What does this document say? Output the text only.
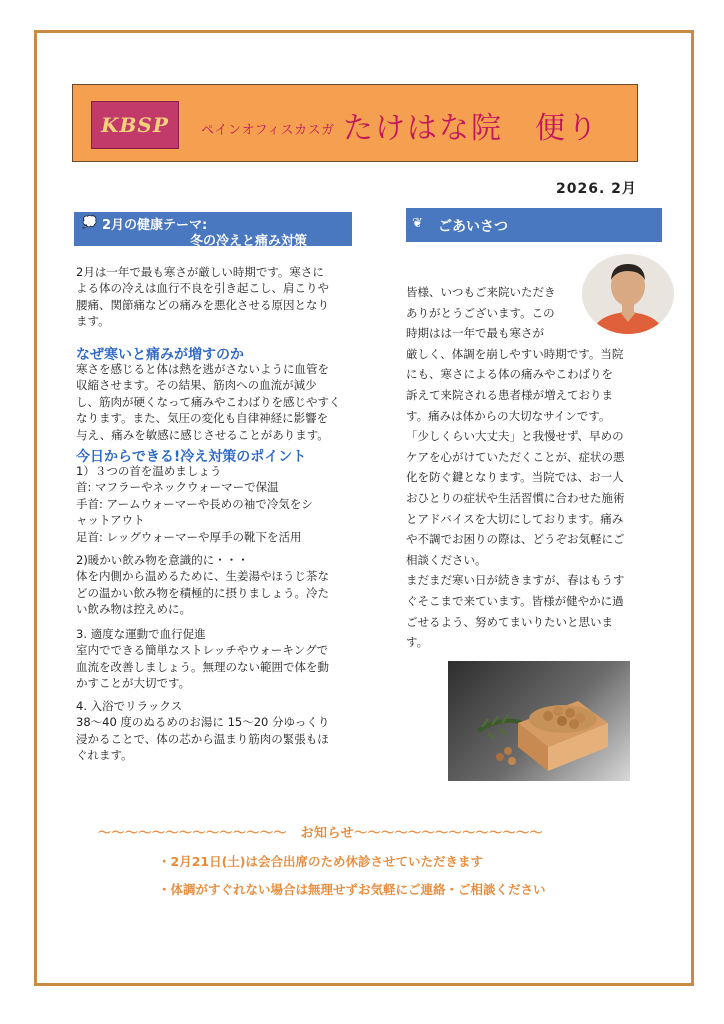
KBSP	ペインオフィスカスガ たけはな院　便り
2026. 2月
💭 2月の健康テーマ:
冬の冷えと痛み対策
2月は一年で最も寒さが厳しい時期です。寒さに
よる体の冷えは血行不良を引き起こし、肩こりや
腰痛、関節痛などの痛みを悪化させる原因となり
ます。
なぜ寒いと痛みが増すのか
寒さを感じると体は熱を逃がさないように血管を
収縮させます。その結果、筋肉への血流が減少
し、筋肉が硬くなって痛みやこわばりを感じやすく
なります。また、気圧の変化も自律神経に影響を
与え、痛みを敏感に感じさせることがあります。
今日からできる!冷え対策のポイント
1）３つの首を温めましょう
首: マフラーやネックウォーマーで保温
手首: アームウォーマーや長めの袖で冷気をシ
ャットアウト
足首: レッグウォーマーや厚手の靴下を活用
2)暖かい飲み物を意識的に・・・
体を内側から温めるために、生姜湯やほうじ茶な
どの温かい飲み物を積極的に摂りましょう。冷た
い飲み物は控えめに。
3. 適度な運動で血行促進
室内でできる簡単なストレッチやウォーキングで
血流を改善しましょう。無理のない範囲で体を動
かすことが大切です。
4. 入浴でリラックス
38～40 度のぬるめのお湯に 15～20 分ゆっくり
浸かることで、体の芯から温まり筋肉の緊張もほ
ぐれます。
❦ ごあいさつ
皆様、いつもご来院いただき
ありがとうございます。この
時期はは一年で最も寒さが
厳しく、体調を崩しやすい時期です。当院
にも、寒さによる体の痛みやこわばりを
訴えて来院される患者様が増えておりま
す。痛みは体からの大切なサインです。
「少しくらい大丈夫」と我慢せず、早めの
ケアを心がけていただくことが、症状の悪
化を防ぐ鍵となります。当院では、お一人
おひとりの症状や生活習慣に合わせた施術
とアドバイスを大切にしております。痛み
や不調でお困りの際は、どうぞお気軽にご
相談ください。
まだまだ寒い日が続きますが、春はもうす
ぐそこまで来ています。皆様が健やかに過
ごせるよう、努めてまいりたいと思いま
す。
～～～～～～～～～～～～～～　お知らせ～～～～～～～～～～～～～～
・2月21日(土)は会合出席のため休診させていただきます
・体調がすぐれない場合は無理せずお気軽にご連絡・ご相談ください
